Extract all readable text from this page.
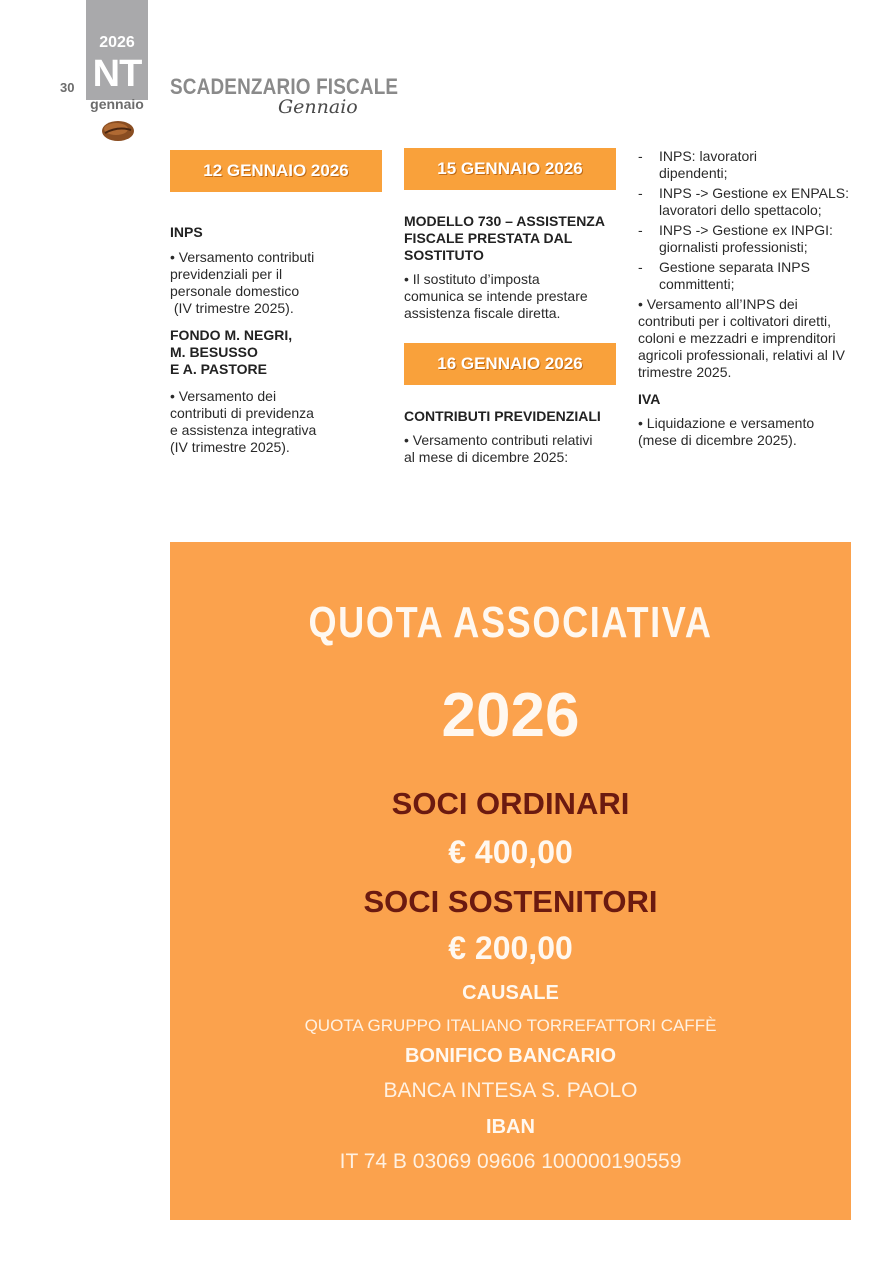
2026
NT
gennaio
30	SCADENZARIO FISCALE
Gennaio
12 GENNAIO 2026
INPS
• Versamento contributi
previdenziali per il
personale domestico
(IV trimestre 2025).
FONDO M. NEGRI,
M. BESUSSO
E A. PASTORE
• Versamento dei
contributi di previdenza
e assistenza integrativa
(IV trimestre 2025).
15 GENNAIO 2026
MODELLO 730 – ASSISTENZA
FISCALE PRESTATA DAL
SOSTITUTO
• Il sostituto d’imposta
comunica se intende prestare
assistenza fiscale diretta.
16 GENNAIO 2026
CONTRIBUTI PREVIDENZIALI
• Versamento contributi relativi
al mese di dicembre 2025:
-	INPS: lavoratori
dipendenti;
-	INPS -> Gestione ex ENPALS:
lavoratori dello spettacolo;
-	INPS -> Gestione ex INPGI:
giornalisti professionisti;
-	Gestione separata INPS
committenti;
• Versamento all’INPS dei
contributi per i coltivatori diretti,
coloni e mezzadri e imprenditori
agricoli professionali, relativi al IV
trimestre 2025.
IVA
• Liquidazione e versamento
(mese di dicembre 2025).
QUOTA ASSOCIATIVA
2026
SOCI ORDINARI
€ 400,00
SOCI SOSTENITORI
€ 200,00
CAUSALE
QUOTA GRUPPO ITALIANO TORREFATTORI CAFFÈ
BONIFICO BANCARIO
BANCA INTESA S. PAOLO
IBAN
IT 74 B 03069 09606 100000190559
